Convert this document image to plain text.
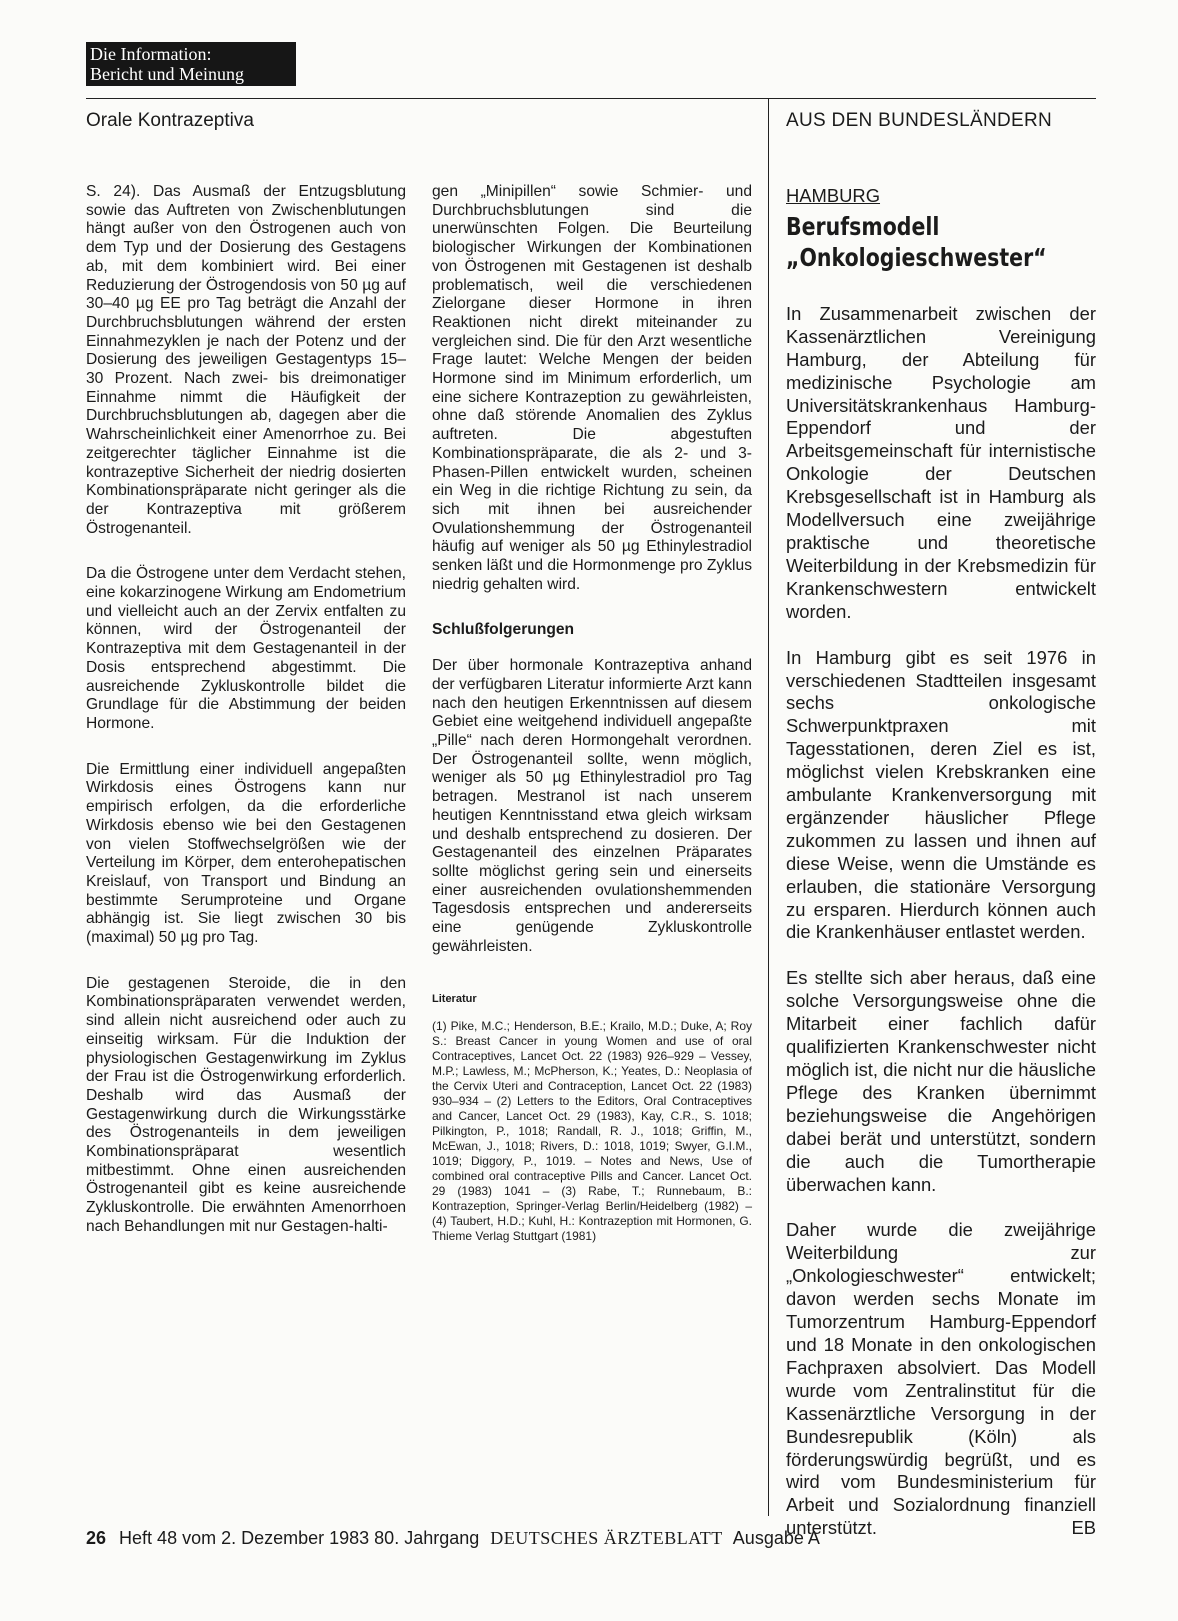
Die Information:
Bericht und Meinung
Orale Kontrazeptiva	AUS DEN BUNDESLÄNDERN

S. 24). Das Ausmaß der Entzugsblutung sowie das Auftreten von Zwischenblutungen hängt außer von den Östrogenen auch von dem Typ und der Dosierung des Gestagens ab, mit dem kombiniert wird. Bei einer Reduzierung der Östrogendosis von 50 µg auf 30–40 µg EE pro Tag beträgt die Anzahl der Durchbruchsblutungen während der ersten Einnahmezyklen je nach der Potenz und der Dosierung des jeweiligen Gestagentyps 15–30 Prozent. Nach zwei- bis dreimonatiger Einnahme nimmt die Häufigkeit der Durchbruchsblutungen ab, dagegen aber die Wahrscheinlichkeit einer Amenorrhoe zu. Bei zeitgerechter täglicher Einnahme ist die kontrazeptive Sicherheit der niedrig dosierten Kombinationspräparate nicht geringer als die der Kontrazeptiva mit größerem Östrogenanteil.

Da die Östrogene unter dem Verdacht stehen, eine kokarzinogene Wirkung am Endometrium und vielleicht auch an der Zervix entfalten zu können, wird der Östrogenanteil der Kontrazeptiva mit dem Gestagenanteil in der Dosis entsprechend abgestimmt. Die ausreichende Zykluskontrolle bildet die Grundlage für die Abstimmung der beiden Hormone.

Die Ermittlung einer individuell angepaßten Wirkdosis eines Östrogens kann nur empirisch erfolgen, da die erforderliche Wirkdosis ebenso wie bei den Gestagenen von vielen Stoffwechselgrößen wie der Verteilung im Körper, dem enterohepatischen Kreislauf, von Transport und Bindung an bestimmte Serumproteine und Organe abhängig ist. Sie liegt zwischen 30 bis (maximal) 50 µg pro Tag.

Die gestagenen Steroide, die in den Kombinationspräparaten verwendet werden, sind allein nicht ausreichend oder auch zu einseitig wirksam. Für die Induktion der physiologischen Gestagenwirkung im Zyklus der Frau ist die Östrogenwirkung erforderlich. Deshalb wird das Ausmaß der Gestagenwirkung durch die Wirkungsstärke des Östrogenanteils in dem jeweiligen Kombinationspräparat wesentlich mitbestimmt. Ohne einen ausreichenden Östrogenanteil gibt es keine ausreichende Zykluskontrolle. Die erwähnten Amenorrhoen nach Behandlungen mit nur Gestagen-halti-

gen „Minipillen“ sowie Schmier- und Durchbruchsblutungen sind die unerwünschten Folgen. Die Beurteilung biologischer Wirkungen der Kombinationen von Östrogenen mit Gestagenen ist deshalb problematisch, weil die verschiedenen Zielorgane dieser Hormone in ihren Reaktionen nicht direkt miteinander zu vergleichen sind. Die für den Arzt wesentliche Frage lautet: Welche Mengen der beiden Hormone sind im Minimum erforderlich, um eine sichere Kontrazeption zu gewährleisten, ohne daß störende Anomalien des Zyklus auftreten. Die abgestuften Kombinationspräparate, die als 2- und 3-Phasen-Pillen entwickelt wurden, scheinen ein Weg in die richtige Richtung zu sein, da sich mit ihnen bei ausreichender Ovulationshemmung der Östrogenanteil häufig auf weniger als 50 µg Ethinylestradiol senken läßt und die Hormonmenge pro Zyklus niedrig gehalten wird.

Schlußfolgerungen

Der über hormonale Kontrazeptiva anhand der verfügbaren Literatur informierte Arzt kann nach den heutigen Erkenntnissen auf diesem Gebiet eine weitgehend individuell angepaßte „Pille“ nach deren Hormongehalt verordnen. Der Östrogenanteil sollte, wenn möglich, weniger als 50 µg Ethinylestradiol pro Tag betragen. Mestranol ist nach unserem heutigen Kenntnisstand etwa gleich wirksam und deshalb entsprechend zu dosieren. Der Gestagenanteil des einzelnen Präparates sollte möglichst gering sein und einerseits einer ausreichenden ovulationshemmenden Tagesdosis entsprechen und andererseits eine genügende Zykluskontrolle gewährleisten.

Literatur
(1) Pike, M.C.; Henderson, B.E.; Krailo, M.D.; Duke, A; Roy S.: Breast Cancer in young Women and use of oral Contraceptives, Lancet Oct. 22 (1983) 926–929 – Vessey, M.P.; Lawless, M.; McPherson, K.; Yeates, D.: Neoplasia of the Cervix Uteri and Contraception, Lancet Oct. 22 (1983) 930–934 – (2) Letters to the Editors, Oral Contraceptives and Cancer, Lancet Oct. 29 (1983), Kay, C.R., S. 1018; Pilkington, P., 1018; Randall, R. J., 1018; Griffin, M., McEwan, J., 1018; Rivers, D.: 1018, 1019; Swyer, G.I.M., 1019; Diggory, P., 1019. – Notes and News, Use of combined oral contraceptive Pills and Cancer. Lancet Oct. 29 (1983) 1041 – (3) Rabe, T.; Runnebaum, B.: Kontrazeption, Springer-Verlag Berlin/Heidelberg (1982) – (4) Taubert, H.D.; Kuhl, H.: Kontrazeption mit Hormonen, G. Thieme Verlag Stuttgart (1981)
HAMBURG
Berufsmodell
„Onkologieschwester“

In Zusammenarbeit zwischen der Kassenärztlichen Vereinigung Hamburg, der Abteilung für medizinische Psychologie am Universitätskrankenhaus Hamburg-Eppendorf und der Arbeitsgemeinschaft für internistische Onkologie der Deutschen Krebsgesellschaft ist in Hamburg als Modellversuch eine zweijährige praktische und theoretische Weiterbildung in der Krebsmedizin für Krankenschwestern entwickelt worden.

In Hamburg gibt es seit 1976 in verschiedenen Stadtteilen insgesamt sechs onkologische Schwerpunktpraxen mit Tagesstationen, deren Ziel es ist, möglichst vielen Krebskranken eine ambulante Krankenversorgung mit ergänzender häuslicher Pflege zukommen zu lassen und ihnen auf diese Weise, wenn die Umstände es erlauben, die stationäre Versorgung zu ersparen. Hierdurch können auch die Krankenhäuser entlastet werden.

Es stellte sich aber heraus, daß eine solche Versorgungsweise ohne die Mitarbeit einer fachlich dafür qualifizierten Krankenschwester nicht möglich ist, die nicht nur die häusliche Pflege des Kranken übernimmt beziehungsweise die Angehörigen dabei berät und unterstützt, sondern die auch die Tumortherapie überwachen kann.

Daher wurde die zweijährige Weiterbildung zur „Onkologieschwester“ entwickelt; davon werden sechs Monate im Tumorzentrum Hamburg-Eppendorf und 18 Monate in den onkologischen Fachpraxen absolviert. Das Modell wurde vom Zentralinstitut für die Kassenärztliche Versorgung in der Bundesrepublik (Köln) als förderungswürdig begrüßt, und es wird vom Bundesministerium für Arbeit und Sozialordnung finanziell unterstützt.	EB

26 Heft 48 vom 2. Dezember 1983 80. Jahrgang DEUTSCHES ÄRZTEBLATT Ausgabe A
